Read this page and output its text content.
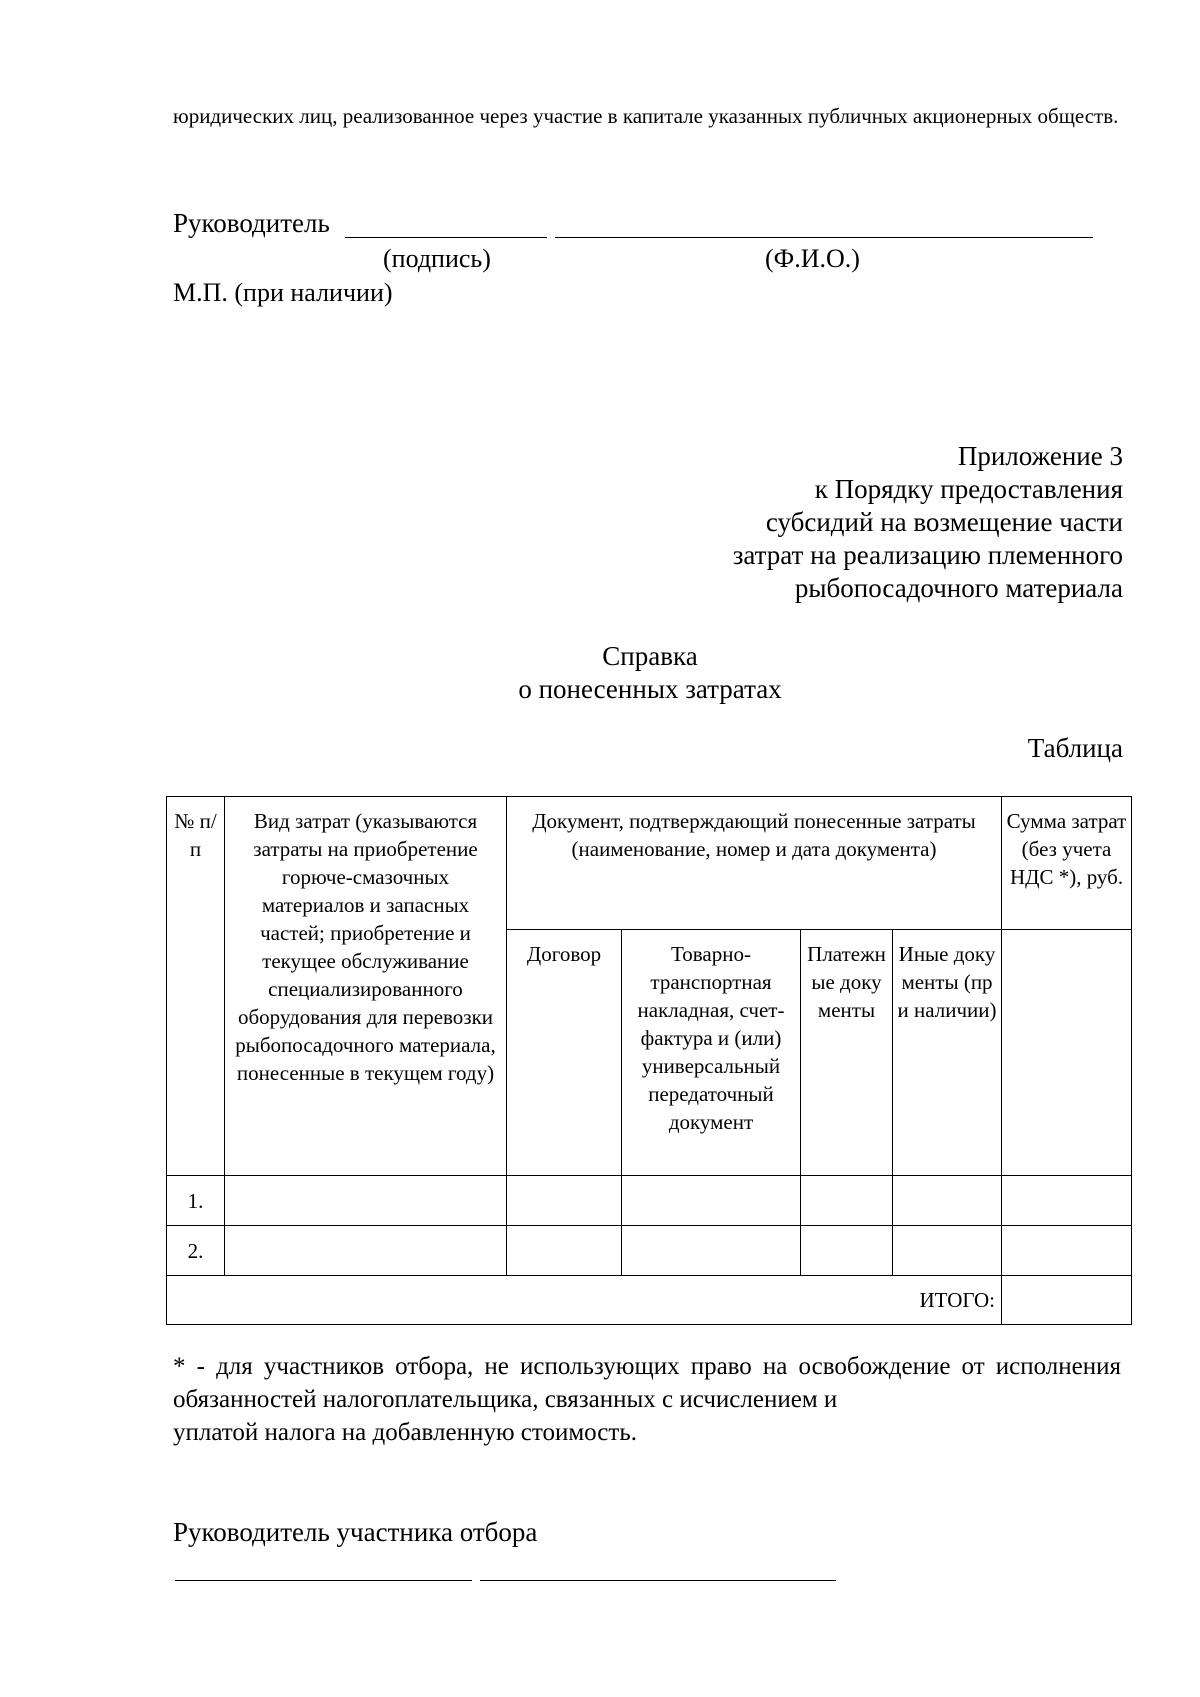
юридических лиц, реализованное через участие в капитале указанных публичных акционерных обществ.
Руководитель
(подпись)	(Ф.И.О.)
М.П. (при наличии)
Приложение 3
к Порядку предоставления
субсидий на возмещение части
затрат на реализацию племенного
рыбопосадочного материала
Справка
о понесенных затратах
Таблица
№ п/п	Вид затрат (указываются затраты на приобретение горюче-смазочных материалов и запасных частей; приобретение и текущее обслуживание специализированного оборудования для перевозки рыбопосадочного материала, понесенные в текущем году)	Документ, подтверждающий понесенные затраты (наименование, номер и дата документа)				Сумма затрат (без учета НДС *), руб.
		Договор	Товарно-транспортная накладная, счет-фактура и (или) универсальный передаточный документ	Платежные документы	Иные документы (при наличии)	
1.						
2.						
ИТОГО:						
* - для участников отбора, не использующих право на освобождение от исполнения обязанностей налогоплательщика, связанных с исчислением и
уплатой налога на добавленную стоимость.
Руководитель участника отбора
